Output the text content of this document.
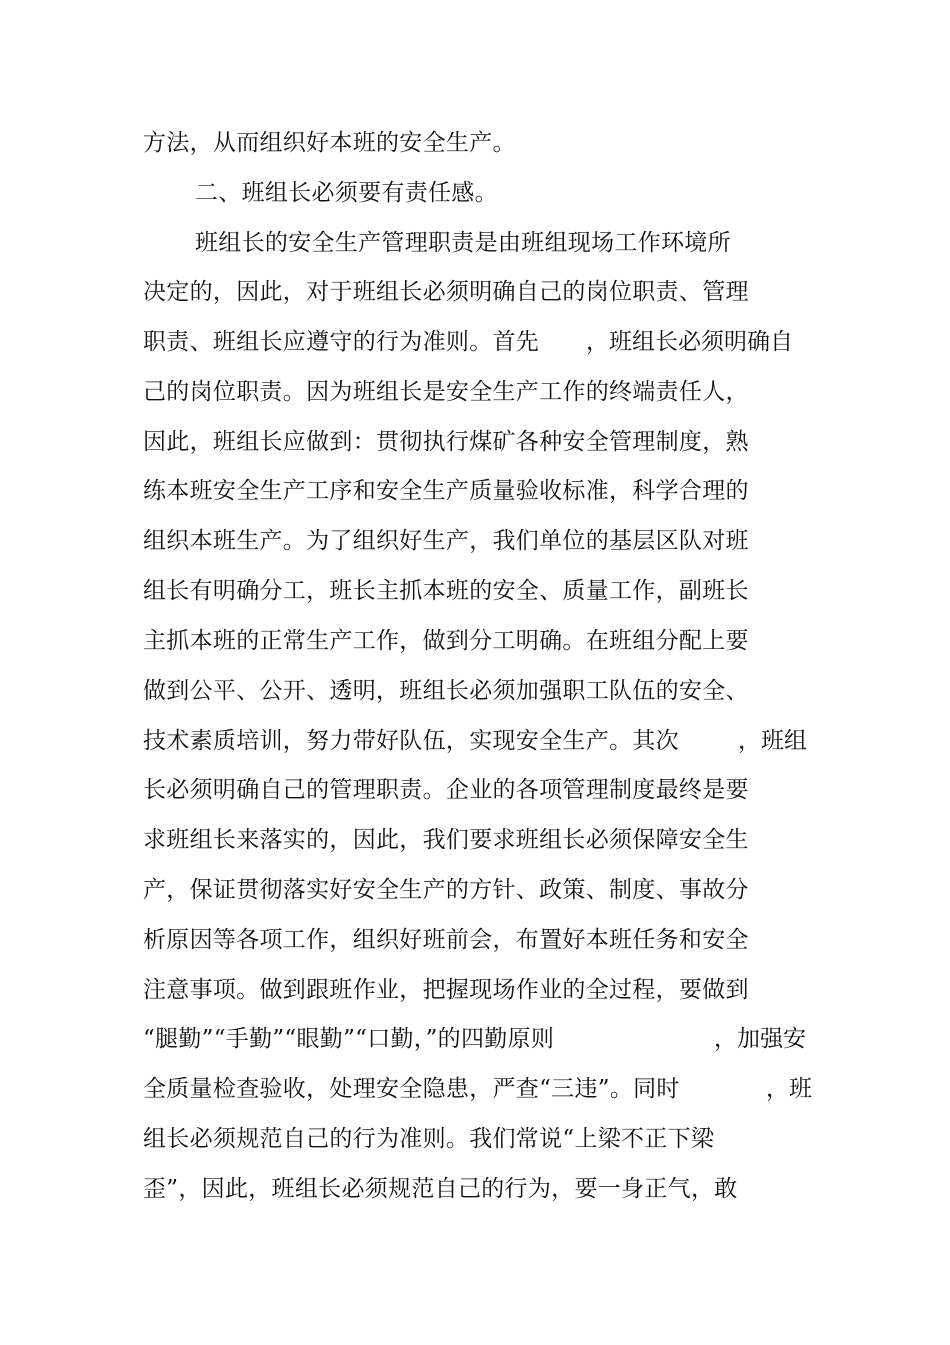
方法，从而组织好本班的安全生产。
二、班组长必须要有责任感。
班组长的安全生产管理职责是由班组现场工作环境所
决定的，因此，对于班组长必须明确自己的岗位职责、管理
职责、班组长应遵守的行为准则。首先 ，班组长必须明确自
己的岗位职责。因为班组长是安全生产工作的终端责任人，
因此，班组长应做到：贯彻执行煤矿各种安全管理制度，熟
练本班安全生产工序和安全生产质量验收标准，科学合理的
组织本班生产。为了组织好生产，我们单位的基层区队对班
组长有明确分工，班长主抓本班的安全、质量工作，副班长
主抓本班的正常生产工作，做到分工明确。在班组分配上要
做到公平、公开、透明，班组长必须加强职工队伍的安全、
技术素质培训，努力带好队伍，实现安全生产。其次	，班组
长必须明确自己的管理职责。企业的各项管理制度最终是要
求班组长来落实的，因此，我们要求班组长必须保障安全生
产，保证贯彻落实好安全生产的方针、政策、制度、事故分
析原因等各项工作，组织好班前会，布置好本班任务和安全
注意事项。做到跟班作业，把握现场作业的全过程，要做到
“腿勤”“手勤”“眼勤”“口勤，”的四勤原则	，加强安
全质量检查验收，处理安全隐患，严查“三违”。同时	，班
组长必须规范自己的行为准则。我们常说“上梁不正下梁
歪”，因此，班组长必须规范自己的行为，要一身正气，敢
